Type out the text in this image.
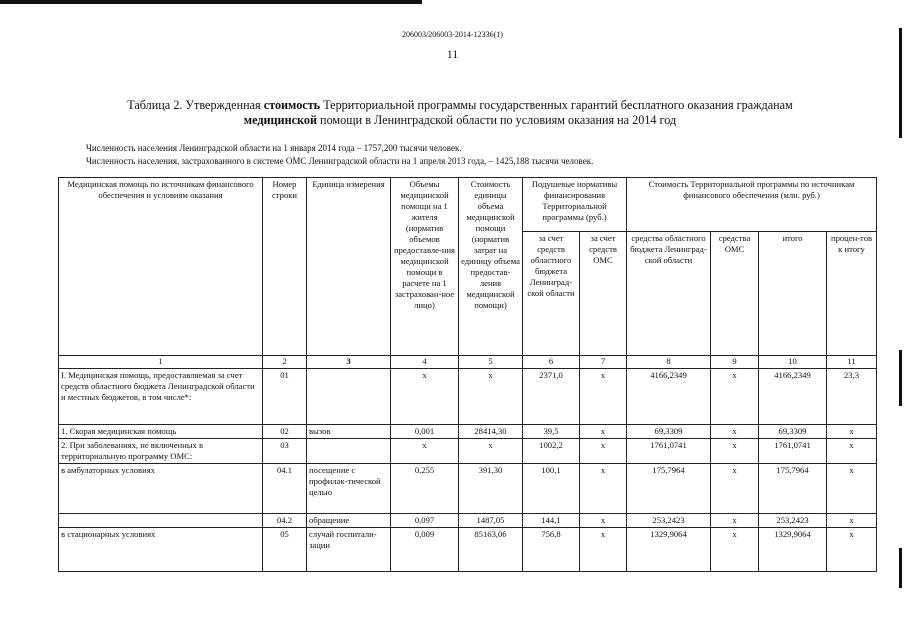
206003/206003-2014-12336(1)
11
Таблица 2. Утвержденная стоимость Территориальной программы государственных гарантий бесплатного оказания гражданам медицинской помощи в Ленинградской области по условиям оказания на 2014 год
Численность населения Ленинградской области на 1 января 2014 года – 1757,200 тысячи человек.
Численность населения, застрахованного в системе ОМС Ленинградской области на 1 апреля 2013 года, – 1425,188 тысячи человек.
Медицинская помощь по источникам финансового обеспечения и условиям оказания	Номер строки	Единица измерения	Объемы медицинской помощи на 1 жителя (норматив объемов предоставле-ния медицинской помощи в расчете на 1 застрахован-ное лицо)	Стоимость единицы объема медицинской помощи (норматив затрат на единицу объема предостав-ления медицинской помощи)	Подушевые нормативы финансирования Территориальной программы (руб.)		Стоимость Территориальной программы по источникам финансового обеспечения (млн. руб.)			
					за счет средств областного бюджета Ленинград-ской области	за счет средств ОМС	средства областного бюджета Ленинград-ской области	средства ОМС	итого	процен-тов к итогу
1	2	3	4	5	6	7	8	9	10	11
I. Медицинская помощь, предоставляемая за счет средств областного бюджета Ленинградской области и местных бюджетов, в том числе*:	01		x	x	2371,0	x	4166,2349	x	4166,2349	23,3
1. Скорая медицинская помощь	02	вызов	0,001	28414,30	39,5	x	69,3309	x	69,3309	x
2. При заболеваниях, не включенных в территориальную программу ОМС:	03		x	x	1002,2	x	1761,0741	x	1761,0741	x
в амбулаторных условиях	04.1	посещение с профилак-тической целью	0,255	391,30	100,1	x	175,7964	x	175,7964	x
	04.2	обращение	0,097	1487,05	144,1	x	253,2423	x	253,2423	x
в стационарных условиях	05	случай госпитали-зации	0,009	85163,06	756,8	x	1329,9064	x	1329,9064	x
